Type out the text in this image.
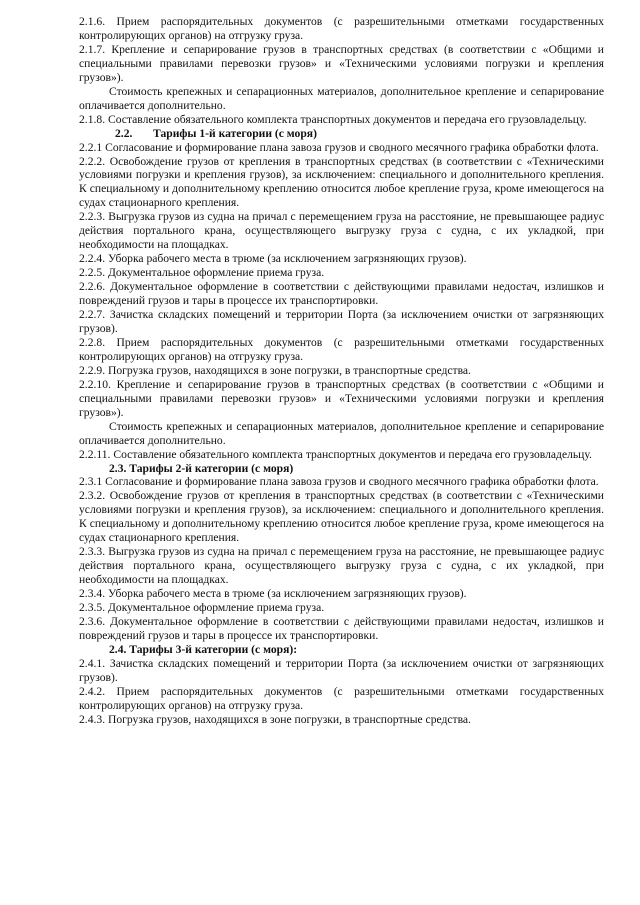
2.1.6. Прием распорядительных документов (с разрешительными отметками государственных контролирующих органов) на отгрузку груза.

2.1.7. Крепление и сепарирование грузов в транспортных средствах (в соответствии с «Общими и специальными правилами перевозки грузов» и «Техническими условиями погрузки и крепления грузов»).

Стоимость крепежных и сепарационных материалов, дополнительное крепление и сепарирование оплачивается дополнительно.

2.1.8. Составление обязательного комплекта транспортных документов и передача его грузовладельцу.

2.2. Тарифы 1-й категории (с моря)

2.2.1 Согласование и формирование плана завоза грузов и сводного месячного графика обработки флота.

2.2.2. Освобождение грузов от крепления в транспортных средствах (в соответствии с «Техническими условиями погрузки и крепления грузов), за исключением: специального и дополнительного крепления. К специальному и дополнительному креплению относится любое крепление груза, кроме имеющегося на судах стационарного крепления.

2.2.3. Выгрузка грузов из судна на причал с перемещением груза на расстояние, не превышающее радиус действия портального крана, осуществляющего выгрузку груза с судна, с их укладкой, при необходимости на площадках.

2.2.4. Уборка рабочего места в трюме (за исключением загрязняющих грузов).

2.2.5. Документальное оформление приема груза.

2.2.6. Документальное оформление в соответствии с действующими правилами недостач, излишков и повреждений грузов и тары в процессе их транспортировки.

2.2.7. Зачистка складских помещений и территории Порта (за исключением очистки от загрязняющих грузов).

2.2.8. Прием распорядительных документов (с разрешительными отметками государственных контролирующих органов) на отгрузку груза.

2.2.9. Погрузка грузов, находящихся в зоне погрузки, в транспортные средства.

2.2.10. Крепление и сепарирование грузов в транспортных средствах (в соответствии с «Общими и специальными правилами перевозки грузов» и «Техническими условиями погрузки и крепления грузов»).

Стоимость крепежных и сепарационных материалов, дополнительное крепление и сепарирование оплачивается дополнительно.

2.2.11. Составление обязательного комплекта транспортных документов и передача его грузовладельцу.

2.3. Тарифы 2-й категории (с моря)

2.3.1 Согласование и формирование плана завоза грузов и сводного месячного графика обработки флота.

2.3.2. Освобождение грузов от крепления в транспортных средствах (в соответствии с «Техническими условиями погрузки и крепления грузов), за исключением: специального и дополнительного крепления. К специальному и дополнительному креплению относится любое крепление груза, кроме имеющегося на судах стационарного крепления.

2.3.3. Выгрузка грузов из судна на причал с перемещением груза на расстояние, не превышающее радиус действия портального крана, осуществляющего выгрузку груза с судна, с их укладкой, при необходимости на площадках.

2.3.4. Уборка рабочего места в трюме (за исключением загрязняющих грузов).

2.3.5. Документальное оформление приема груза.

2.3.6. Документальное оформление в соответствии с действующими правилами недостач, излишков и повреждений грузов и тары в процессе их транспортировки.

2.4. Тарифы 3-й категории (с моря):

2.4.1. Зачистка складских помещений и территории Порта (за исключением очистки от загрязняющих грузов).

2.4.2. Прием распорядительных документов (с разрешительными отметками государственных контролирующих органов) на отгрузку груза.

2.4.3. Погрузка грузов, находящихся в зоне погрузки, в транспортные средства.
